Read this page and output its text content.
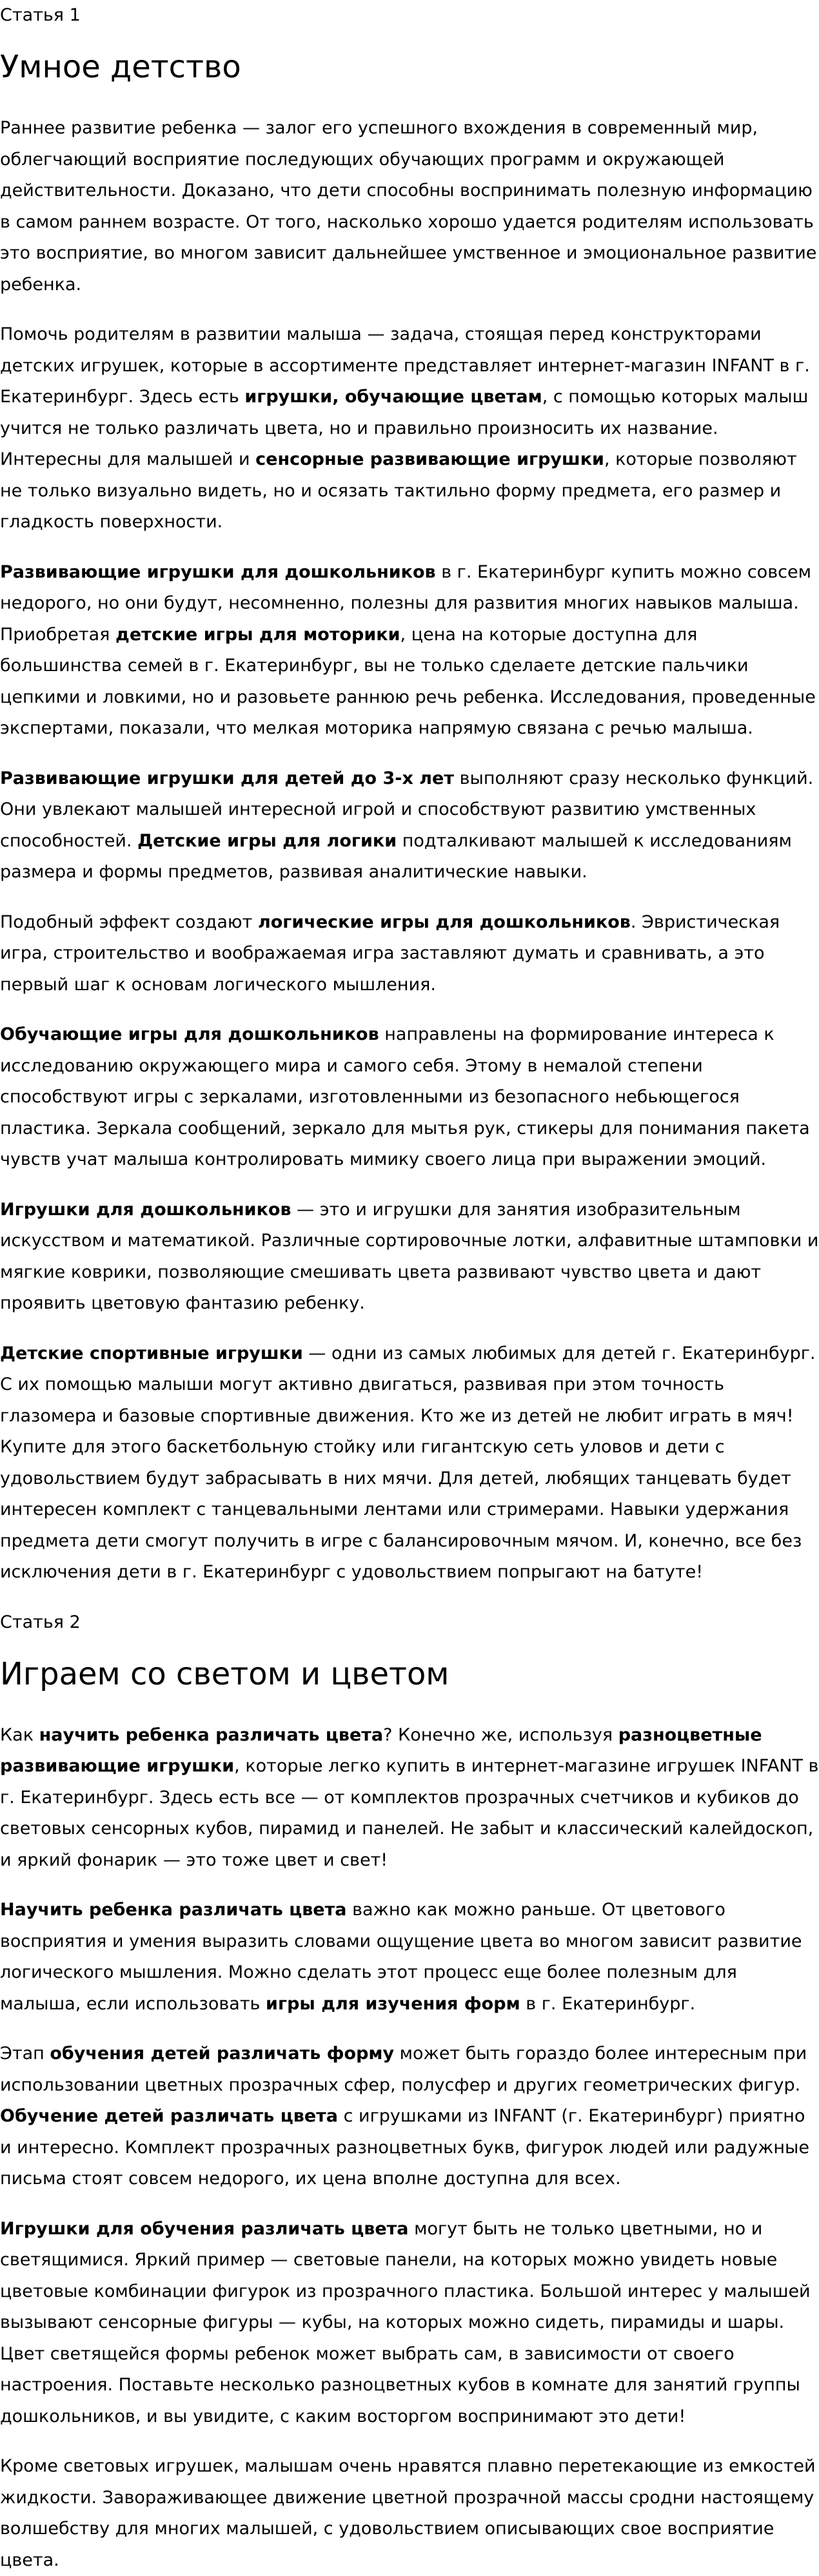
Статья 1
Умное детство

Раннее развитие ребенка — залог его успешного вхождения в современный мир, облегчающий восприятие последующих обучающих программ и окружающей действительности. Доказано, что дети способны воспринимать полезную информацию в самом раннем возрасте. От того, насколько хорошо удается родителям использовать это восприятие, во многом зависит дальнейшее умственное и эмоциональное развитие ребенка.

Помочь родителям в развитии малыша — задача, стоящая перед конструкторами детских игрушек, которые в ассортименте представляет интернет-магазин INFANT в г. Екатеринбург. Здесь есть игрушки, обучающие цветам, с помощью которых малыш учится не только различать цвета, но и правильно произносить их название. Интересны для малышей и сенсорные развивающие игрушки, которые позволяют не только визуально видеть, но и осязать тактильно форму предмета, его размер и гладкость поверхности.

Развивающие игрушки для дошкольников в г. Екатеринбург купить можно совсем недорого, но они будут, несомненно, полезны для развития многих навыков малыша. Приобретая детские игры для моторики, цена на которые доступна для большинства семей в г. Екатеринбург, вы не только сделаете детские пальчики цепкими и ловкими, но и разовьете раннюю речь ребенка. Исследования, проведенные экспертами, показали, что мелкая моторика напрямую связана с речью малыша.

Развивающие игрушки для детей до 3-х лет выполняют сразу несколько функций. Они увлекают малышей интересной игрой и способствуют развитию умственных способностей. Детские игры для логики подталкивают малышей к исследованиям размера и формы предметов, развивая аналитические навыки.

Подобный эффект создают логические игры для дошкольников. Эвристическая игра, строительство и воображаемая игра заставляют думать и сравнивать, а это первый шаг к основам логического мышления.

Обучающие игры для дошкольников направлены на формирование интереса к исследованию окружающего мира и самого себя. Этому в немалой степени способствуют игры с зеркалами, изготовленными из безопасного небьющегося пластика. Зеркала сообщений, зеркало для мытья рук, стикеры для понимания пакета чувств учат малыша контролировать мимику своего лица при выражении эмоций.

Игрушки для дошкольников — это и игрушки для занятия изобразительным искусством и математикой. Различные сортировочные лотки, алфавитные штамповки и мягкие коврики, позволяющие смешивать цвета развивают чувство цвета и дают проявить цветовую фантазию ребенку.

Детские спортивные игрушки — одни из самых любимых для детей г. Екатеринбург. С их помощью малыши могут активно двигаться, развивая при этом точность глазомера и базовые спортивные движения. Кто же из детей не любит играть в мяч! Купите для этого баскетбольную стойку или гигантскую сеть уловов и дети с удовольствием будут забрасывать в них мячи. Для детей, любящих танцевать будет интересен комплект с танцевальными лентами или стримерами. Навыки удержания предмета дети смогут получить в игре с балансировочным мячом. И, конечно, все без исключения дети в г. Екатеринбург с удовольствием попрыгают на батуте!

Статья 2
Играем со светом и цветом

Как научить ребенка различать цвета? Конечно же, используя разноцветные развивающие игрушки, которые легко купить в интернет-магазине игрушек INFANT в г. Екатеринбург. Здесь есть все — от комплектов прозрачных счетчиков и кубиков до световых сенсорных кубов, пирамид и панелей. Не забыт и классический калейдоскоп, и яркий фонарик — это тоже цвет и свет!

Научить ребенка различать цвета важно как можно раньше. От цветового восприятия и умения выразить словами ощущение цвета во многом зависит развитие логического мышления. Можно сделать этот процесс еще более полезным для малыша, если использовать игры для изучения форм в г. Екатеринбург.

Этап обучения детей различать форму может быть гораздо более интересным при использовании цветных прозрачных сфер, полусфер и других геометрических фигур. Обучение детей различать цвета с игрушками из INFANT (г. Екатеринбург) приятно и интересно. Комплект прозрачных разноцветных букв, фигурок людей или радужные письма стоят совсем недорого, их цена вполне доступна для всех.

Игрушки для обучения различать цвета могут быть не только цветными, но и светящимися. Яркий пример — световые панели, на которых можно увидеть новые цветовые комбинации фигурок из прозрачного пластика. Большой интерес у малышей вызывают сенсорные фигуры — кубы, на которых можно сидеть, пирамиды и шары. Цвет светящейся формы ребенок может выбрать сам, в зависимости от своего настроения. Поставьте несколько разноцветных кубов в комнате для занятий группы дошкольников, и вы увидите, с каким восторгом воспринимают это дети!

Кроме световых игрушек, малышам очень нравятся плавно перетекающие из емкостей жидкости. Завораживающее движение цветной прозрачной массы сродни настоящему волшебству для многих малышей, с удовольствием описывающих свое восприятие цвета.
